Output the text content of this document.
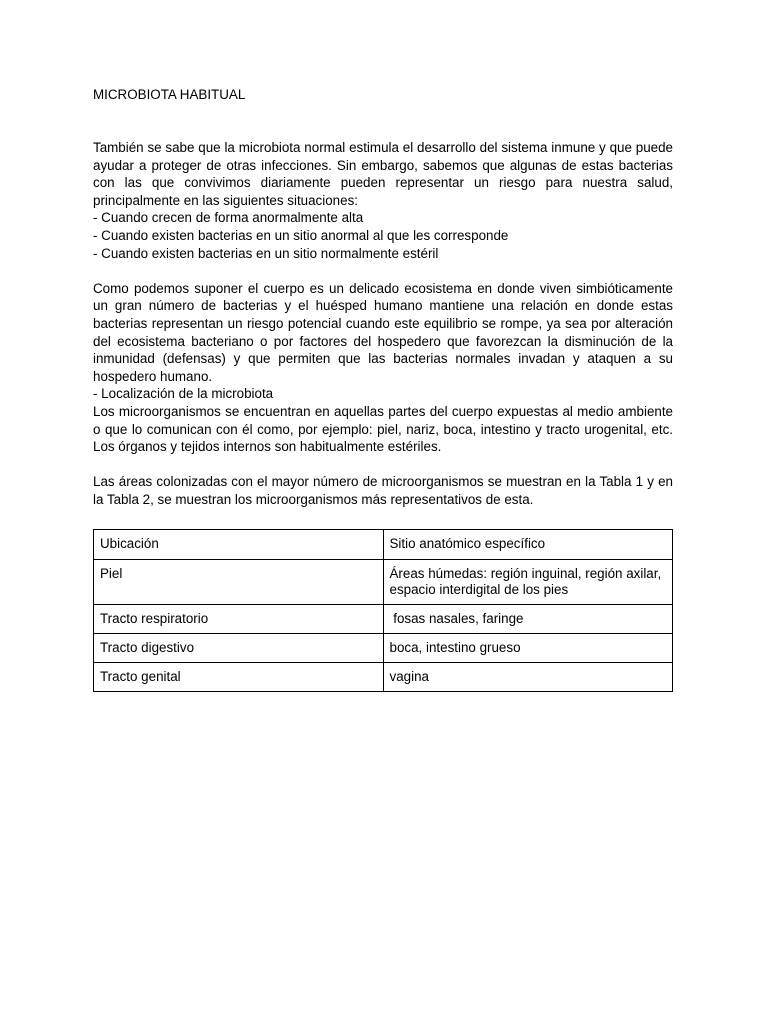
MICROBIOTA HABITUAL

También se sabe que la microbiota normal estimula el desarrollo del sistema inmune y que puede ayudar a proteger de otras infecciones. Sin embargo, sabemos que algunas de estas bacterias con las que convivimos diariamente pueden representar un riesgo para nuestra salud, principalmente en las siguientes situaciones:

- Cuando crecen de forma anormalmente alta

- Cuando existen bacterias en un sitio anormal al que les corresponde

- Cuando existen bacterias en un sitio normalmente estéril

Como podemos suponer el cuerpo es un delicado ecosistema en donde viven simbióticamente un gran número de bacterias y el huésped humano mantiene una relación en donde estas bacterias representan un riesgo potencial cuando este equilibrio se rompe, ya sea por alteración del ecosistema bacteriano o por factores del hospedero que favorezcan la disminución de la inmunidad (defensas) y que permiten que las bacterias normales invadan y ataquen a su hospedero humano.

- Localización de la microbiota

Los microorganismos se encuentran en aquellas partes del cuerpo expuestas al medio ambiente o que lo comunican con él como, por ejemplo: piel, nariz, boca, intestino y tracto urogenital, etc. Los órganos y tejidos internos son habitualmente estériles.

Las áreas colonizadas con el mayor número de microorganismos se muestran en la Tabla 1 y en la Tabla 2, se muestran los microorganismos más representativos de esta.

Ubicación	Sitio anatómico específico
Piel	Áreas húmedas: región inguinal, región axilar, espacio interdigital de los pies
Tracto respiratorio	fosas nasales, faringe
Tracto digestivo	boca, intestino grueso
Tracto genital	vagina
